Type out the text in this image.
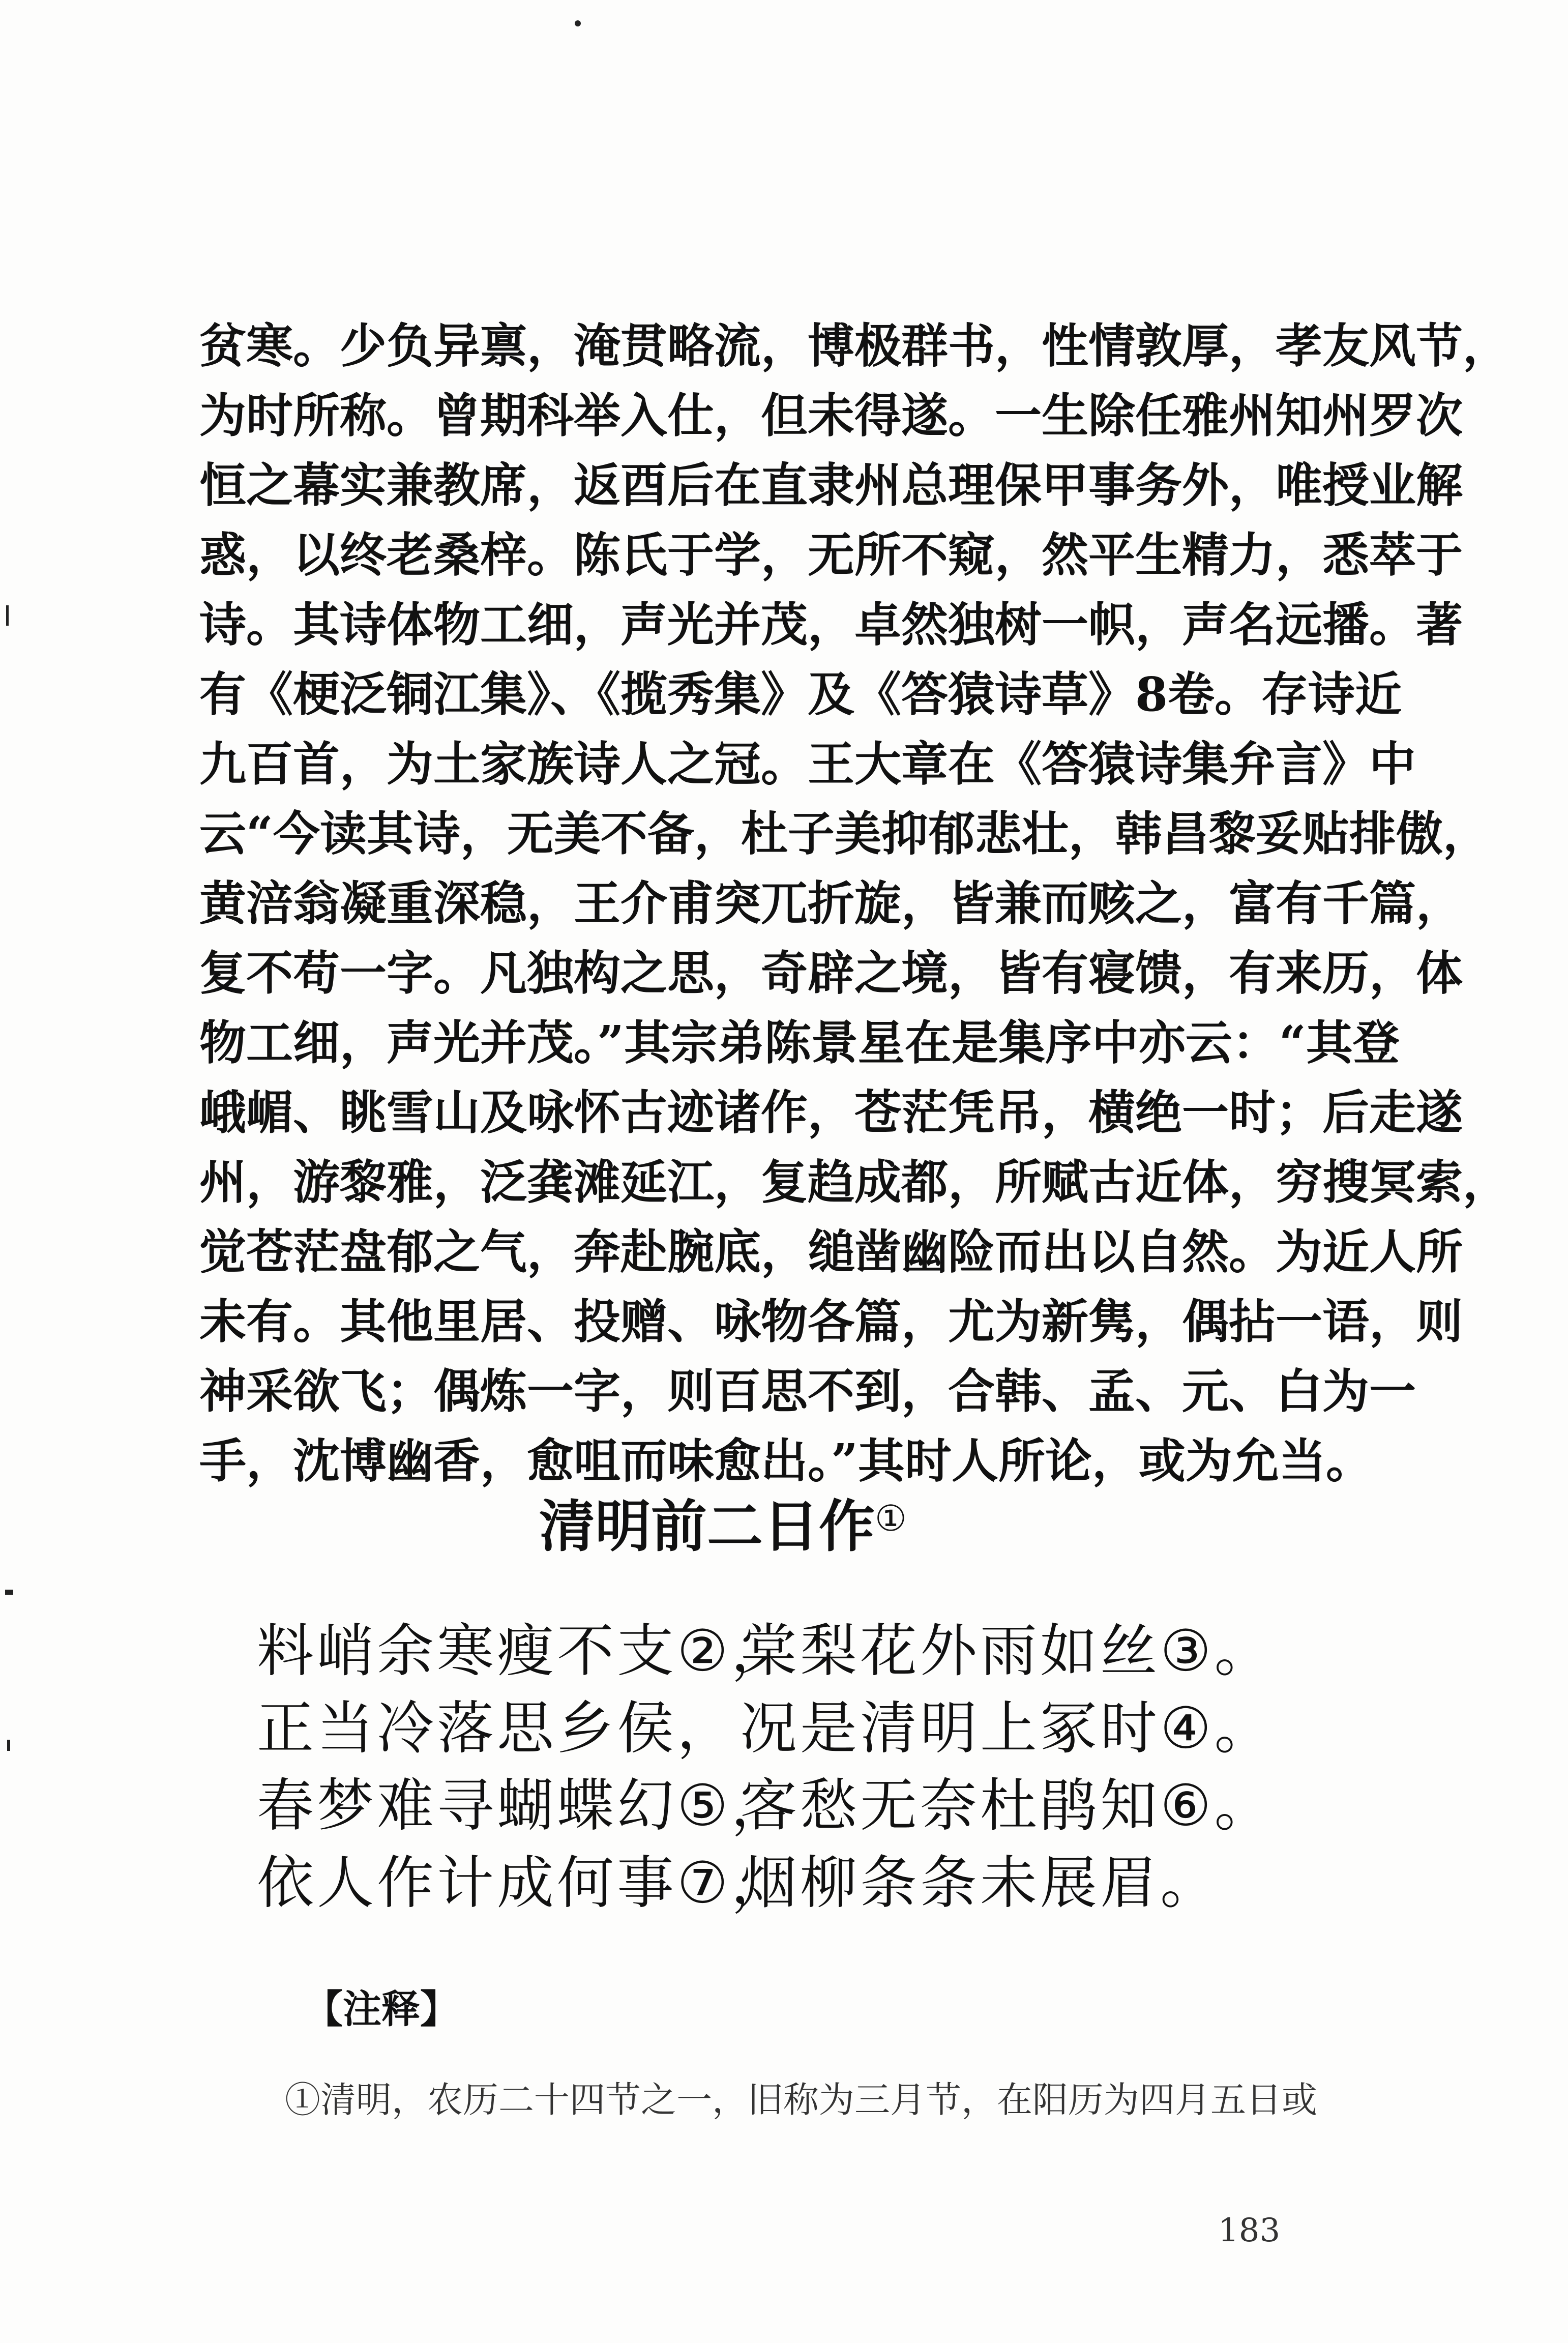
贫寒。少负异禀，淹贯略流，博极群书，性情敦厚，孝友风节，
为时所称。曾期科举入仕，但未得遂。一生除任雅州知州罗次
恒之幕实兼教席，返酉后在直隶州总理保甲事务外，唯授业解
惑，以终老桑梓。陈氏于学，无所不窥，然平生精力，悉萃于
诗。其诗体物工细，声光并茂，卓然独树一帜，声名远播。著
有《梗泛铜江集》、《揽秀集》及《答猿诗草》8卷。存诗近
九百首，为土家族诗人之冠。王大章在《答猿诗集弁言》中
云“今读其诗，无美不备，杜子美抑郁悲壮，韩昌黎妥贴排傲，
黄涪翁凝重深稳，王介甫突兀折旋，皆兼而赅之，富有千篇，
复不苟一字。凡独构之思，奇辟之境，皆有寝馈，有来历，体
物工细，声光并茂。”其宗弟陈景星在是集序中亦云：“其登
峨嵋、眺雪山及咏怀古迹诸作，苍茫凭吊，横绝一时；后走遂
州，游黎雅，泛龚滩延江，复趋成都，所赋古近体，穷搜冥索，
觉苍茫盘郁之气，奔赴腕底，缒凿幽险而出以自然。为近人所
未有。其他里居、投赠、咏物各篇，尤为新隽，偶拈一语，则
神采欲飞；偶炼一字，则百思不到，合韩、孟、元、白为一
手，沈博幽香，愈咀而味愈出。”其时人所论，或为允当。
清明前二日作①
料峭余寒瘦不支②，棠梨花外雨如丝③。
正当冷落思乡侯，况是清明上冢时④。
春梦难寻蝴蝶幻⑤，客愁无奈杜鹃知⑥。
依人作计成何事⑦，烟柳条条未展眉。
【注释】
①清明，农历二十四节之一，旧称为三月节，在阳历为四月五日或
183
